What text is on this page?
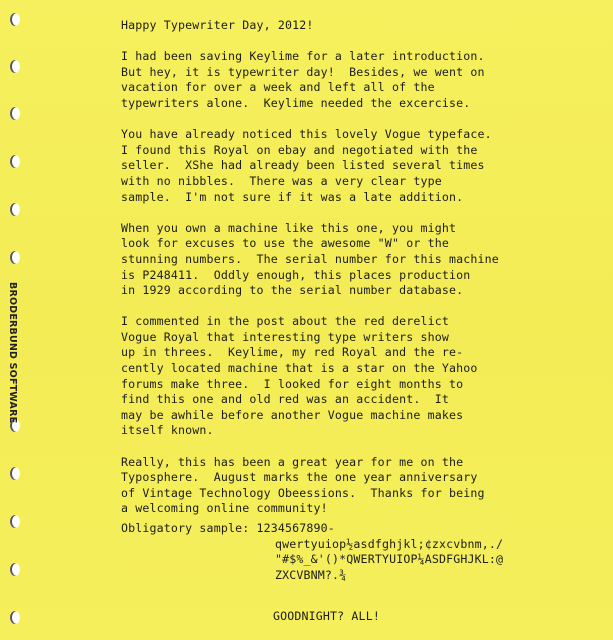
BRODERBUND SOFTWARE
Happy Typewriter Day, 2012!
I had been saving Keylime for a later introduction.
But hey, it is typewriter day!  Besides, we went on
vacation for over a week and left all of the
typewriters alone.  Keylime needed the excercise.
You have already noticed this lovely Vogue typeface.
I found this Royal on ebay and negotiated with the
seller.  XShe had already been listed several times
with no nibbles.  There was a very clear type
sample.  I'm not sure if it was a late addition.
When you own a machine like this one, you might
look for excuses to use the awesome "W" or the
stunning numbers.  The serial number for this machine
is P248411.  Oddly enough, this places production
in 1929 according to the serial number database.
I commented in the post about the red derelict
Vogue Royal that interesting type writers show
up in threes.  Keylime, my red Royal and the re-
cently located machine that is a star on the Yahoo
forums make three.  I looked for eight months to
find this one and old red was an accident.  It
may be awhile before another Vogue machine makes
itself known.
Really, this has been a great year for me on the
Typosphere.  August marks the one year anniversary
of Vintage Technology Obeessions.  Thanks for being
a welcoming online community!
Obligatory sample: 1234567890-
qwertyuiop½asdfghjkl;¢zxcvbnm,./
"#$%_&'()*QWERTYUIOP¼ASDFGHJKL:@
ZXCVBNM?.¾
GOODNIGHT? ALL!
